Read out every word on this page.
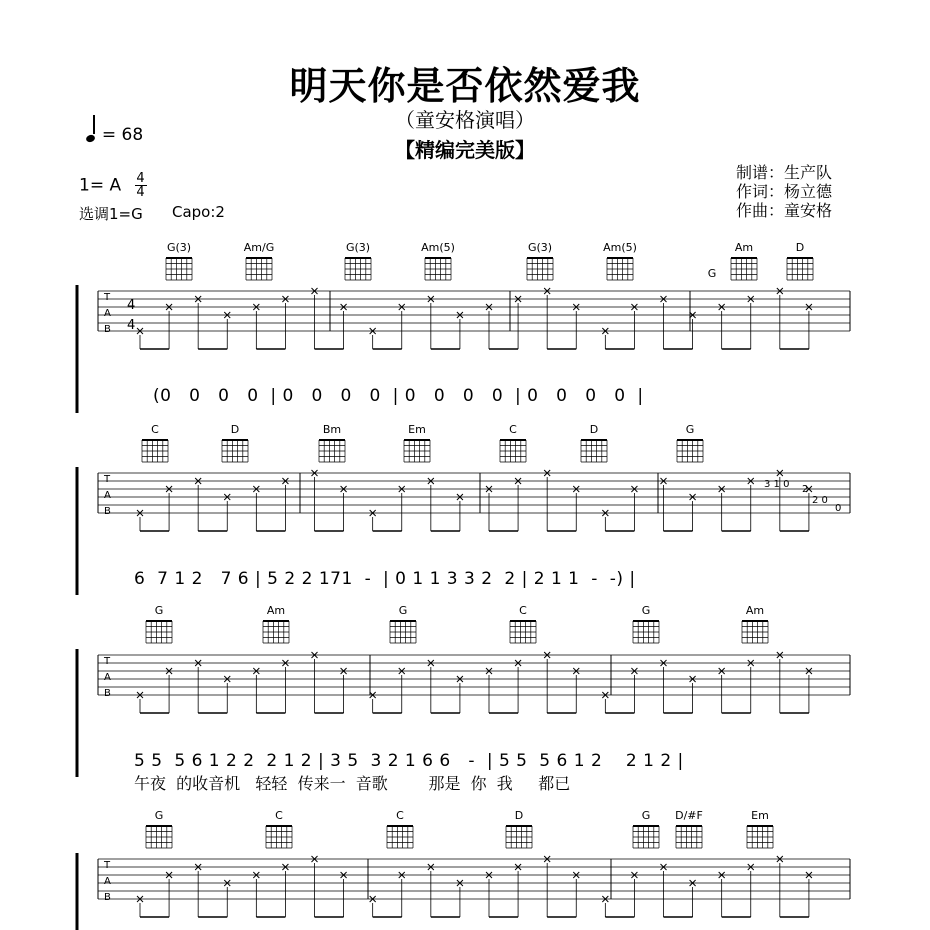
明天你是否依然爱我
（童安格演唱）
【精编完美版】
= 68
1= A $\frac{4}{4}$
选调1=G Capo:2
制谱：生产队
作词：杨立德
作曲：童安格
T
A
B
T
A
B
T
A
B
T
A
B
4
4
G(3)	Am/G	G(3)	Am(5)	G(3)	Am(5)	Am	D
G
C	D	Bm	Em	C	D	G
G	Am	G	C	G	Am
G	C	C	D	G D/#F	Em
3 1 0 2
2 0
0
(0   0   0   0  | 0   0   0   0  | 0   0   0   0  | 0   0   0   0  |
6  7 1 2   7 6 | 5 2 2 171  -  | 0 1 1 3 3 2  2 | 2 1 1  -  -) |
5 5  5 6 1 2 2  2 1 2 | 3 5  3 2 1 6 6   -  | 5 5  5 6 1 2    2 1 2 |
午夜  的收音机   轻轻  传来一  音歌        那是  你  我     都已
